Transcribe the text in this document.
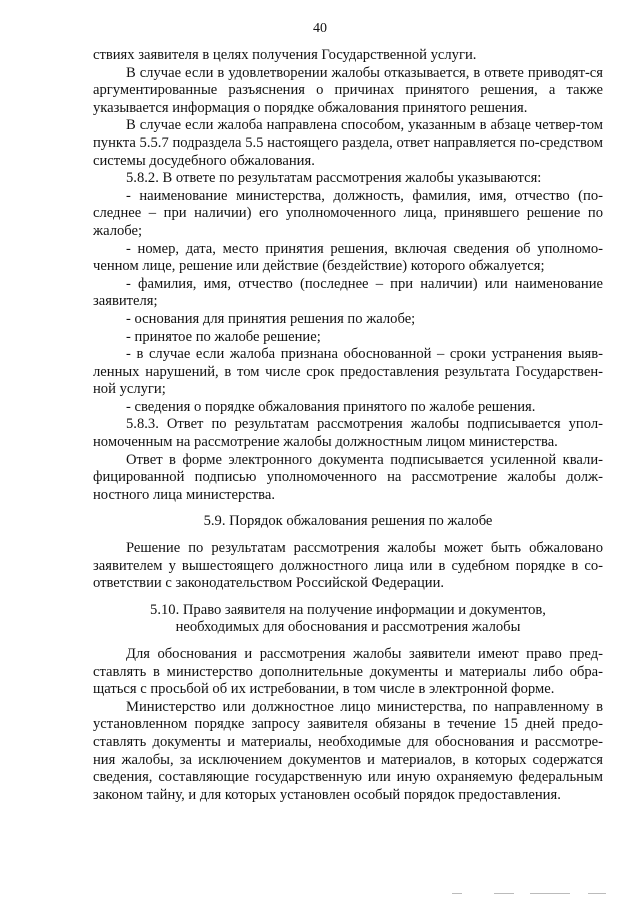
40

ствиях заявителя в целях получения Государственной услуги.

В случае если в удовлетворении жалобы отказывается, в ответе приводят-ся аргументированные разъяснения о причинах принятого решения, а также указывается информация о порядке обжалования принятого решения.

В случае если жалоба направлена способом, указанным в абзаце четвер-том пункта 5.5.7 подраздела 5.5 настоящего раздела, ответ направляется по-средством системы досудебного обжалования.

5.8.2. В ответе по результатам рассмотрения жалобы указываются:

- наименование министерства, должность, фамилия, имя, отчество (по-следнее – при наличии) его уполномоченного лица, принявшего решение по жалобе;

- номер, дата, место принятия решения, включая сведения об уполномо-ченном лице, решение или действие (бездействие) которого обжалуется;

- фамилия, имя, отчество (последнее – при наличии) или наименование заявителя;

- основания для принятия решения по жалобе;

- принятое по жалобе решение;

- в случае если жалоба признана обоснованной – сроки устранения выяв-ленных нарушений, в том числе срок предоставления результата Государствен-ной услуги;

- сведения о порядке обжалования принятого по жалобе решения.

5.8.3. Ответ по результатам рассмотрения жалобы подписывается упол-номоченным на рассмотрение жалобы должностным лицом министерства.

Ответ в форме электронного документа подписывается усиленной квали-фицированной подписью уполномоченного на рассмотрение жалобы долж-ностного лица министерства.

5.9. Порядок обжалования решения по жалобе

Решение по результатам рассмотрения жалобы может быть обжаловано заявителем у вышестоящего должностного лица или в судебном порядке в со-ответствии с законодательством Российской Федерации.

5.10. Право заявителя на получение информации и документов,
необходимых для обоснования и рассмотрения жалобы

Для обоснования и рассмотрения жалобы заявители имеют право пред-ставлять в министерство дополнительные документы и материалы либо обра-щаться с просьбой об их истребовании, в том числе в электронной форме.

Министерство или должностное лицо министерства, по направленному в установленном порядке запросу заявителя обязаны в течение 15 дней предо-ставлять документы и материалы, необходимые для обоснования и рассмотре-ния жалобы, за исключением документов и материалов, в которых содержатся сведения, составляющие государственную или иную охраняемую федеральным законом тайну, и для которых установлен особый порядок предоставления.
